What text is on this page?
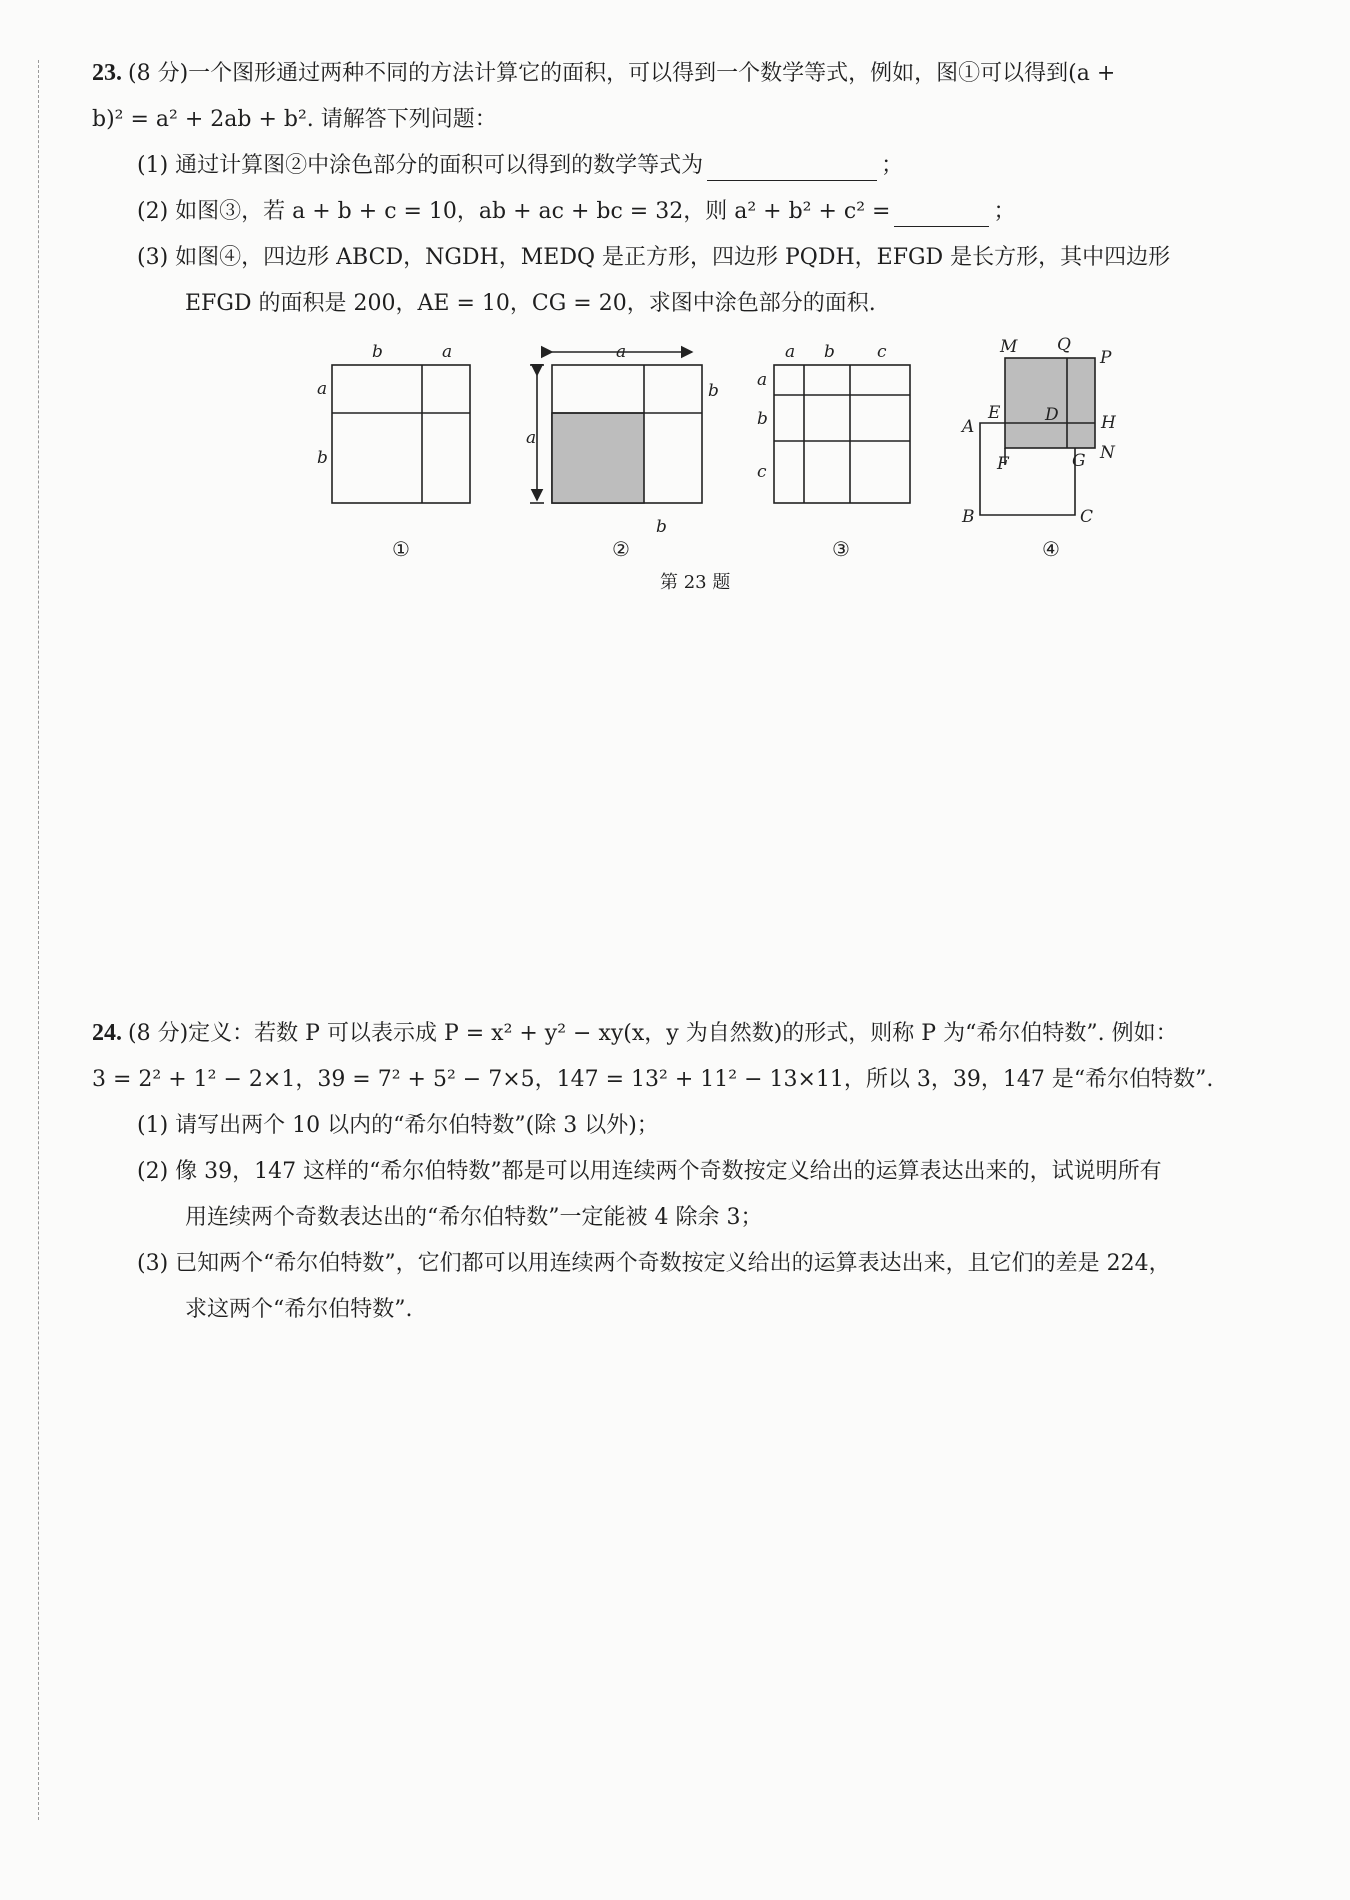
23. (8 分)一个图形通过两种不同的方法计算它的面积，可以得到一个数学等式，例如，图①可以得到(a +
b)² = a² + 2ab + b². 请解答下列问题：
(1) 通过计算图②中涂色部分的面积可以得到的数学等式为	；
(2) 如图③，若 a + b + c = 10，ab + ac + bc = 32，则 a² + b² + c² =	；
(3) 如图④，四边形 ABCD，NGDH，MEDQ 是正方形，四边形 PQDH，EFGD 是长方形，其中四边形
EFGD 的面积是 200，AE = 10，CG = 20，求图中涂色部分的面积.
b	a
a
b
a
a
b
b
a b c
a
b
c
M Q
P
E	D H
A
F	G N
B	C
①	②	③	④
第 23 题
24. (8 分)定义：若数 P 可以表示成 P = x² + y² − xy(x，y 为自然数)的形式，则称 P 为“希尔伯特数”. 例如：
3 = 2² + 1² − 2×1，39 = 7² + 5² − 7×5，147 = 13² + 11² − 13×11，所以 3，39，147 是“希尔伯特数”.
(1) 请写出两个 10 以内的“希尔伯特数”(除 3 以外)；
(2) 像 39，147 这样的“希尔伯特数”都是可以用连续两个奇数按定义给出的运算表达出来的，试说明所有
用连续两个奇数表达出的“希尔伯特数”一定能被 4 除余 3；
(3) 已知两个“希尔伯特数”，它们都可以用连续两个奇数按定义给出的运算表达出来，且它们的差是 224，
求这两个“希尔伯特数”.
